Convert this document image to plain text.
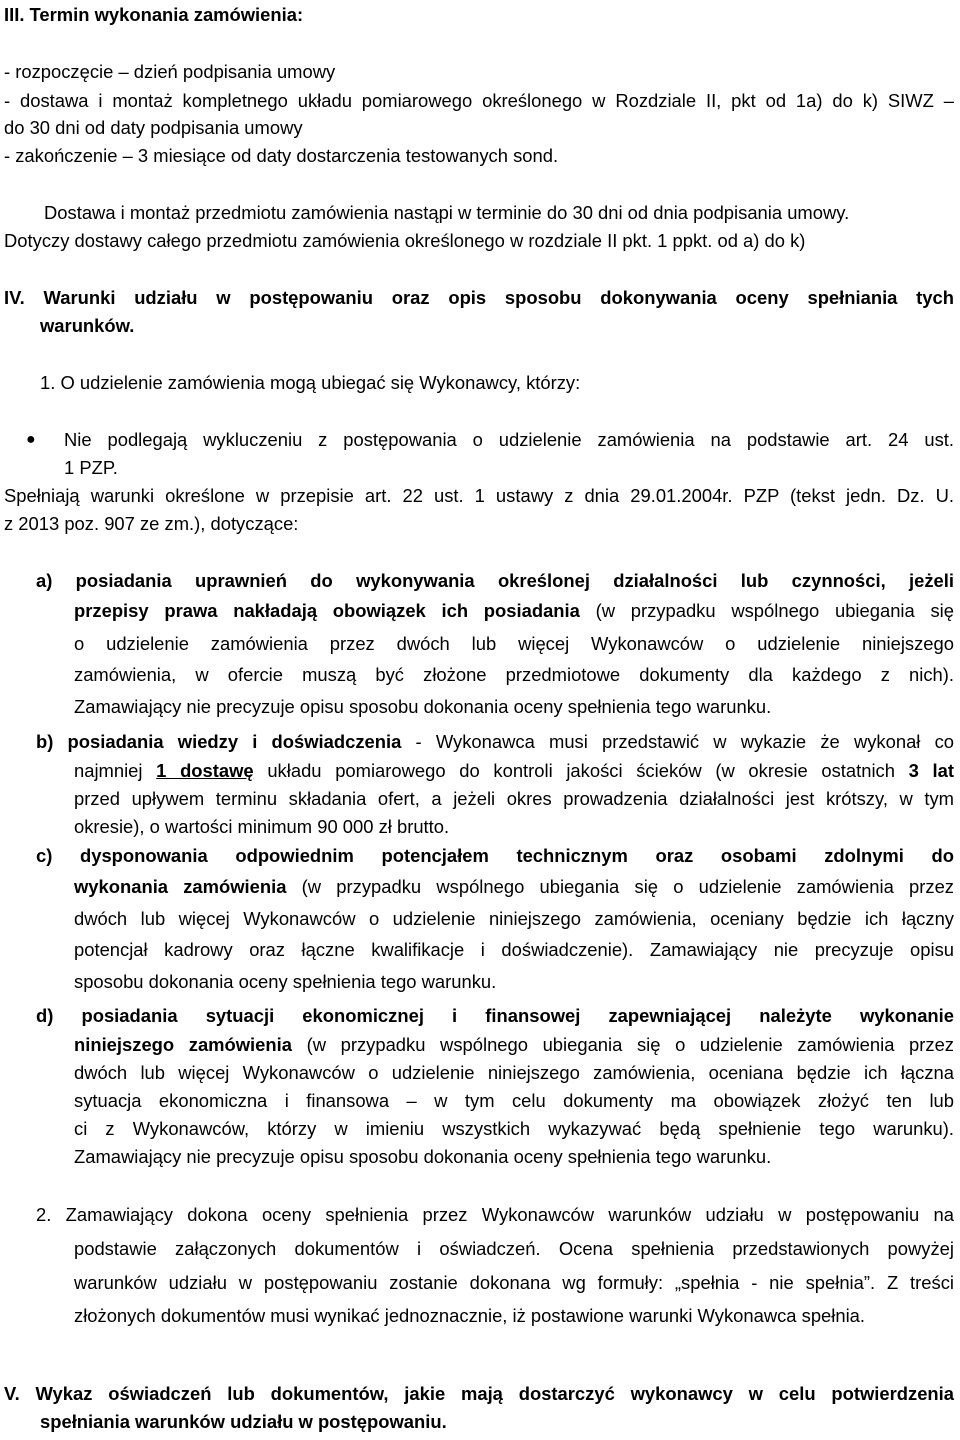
III. Termin wykonania zamówienia:
- rozpoczęcie – dzień podpisania umowy
- dostawa i montaż kompletnego układu pomiarowego określonego w Rozdziale II, pkt od 1a) do k) SIWZ –
do 30 dni od daty podpisania umowy
- zakończenie – 3 miesiące od daty dostarczenia testowanych sond.
Dostawa i montaż przedmiotu zamówienia nastąpi w terminie do 30 dni od dnia podpisania umowy.
Dotyczy dostawy całego przedmiotu zamówienia określonego w rozdziale II pkt. 1 ppkt. od a) do k)
IV. Warunki udziału w postępowaniu oraz opis sposobu dokonywania oceny spełniania tych
warunków.
1. O udzielenie zamówienia mogą ubiegać się Wykonawcy, którzy:
● Nie podlegają wykluczeniu z postępowania o udzielenie zamówienia na podstawie art. 24 ust.
1 PZP.
Spełniają warunki określone w przepisie art. 22 ust. 1 ustawy z dnia 29.01.2004r. PZP (tekst jedn. Dz. U.
z 2013 poz. 907 ze zm.), dotyczące:
a) posiadania uprawnień do wykonywania określonej działalności lub czynności, jeżeli
przepisy prawa nakładają obowiązek ich posiadania (w przypadku wspólnego ubiegania się
o udzielenie zamówienia przez dwóch lub więcej Wykonawców o udzielenie niniejszego
zamówienia, w ofercie muszą być złożone przedmiotowe dokumenty dla każdego z nich).
Zamawiający nie precyzuje opisu sposobu dokonania oceny spełnienia tego warunku.
b) posiadania wiedzy i doświadczenia - Wykonawca musi przedstawić w wykazie że wykonał co
najmniej 1 dostawę układu pomiarowego do kontroli jakości ścieków (w okresie ostatnich 3 lat
przed upływem terminu składania ofert, a jeżeli okres prowadzenia działalności jest krótszy, w tym
okresie), o wartości minimum 90 000 zł brutto.
c) dysponowania odpowiednim potencjałem technicznym oraz osobami zdolnymi do
wykonania zamówienia (w przypadku wspólnego ubiegania się o udzielenie zamówienia przez
dwóch lub więcej Wykonawców o udzielenie niniejszego zamówienia, oceniany będzie ich łączny
potencjał kadrowy oraz łączne kwalifikacje i doświadczenie). Zamawiający nie precyzuje opisu
sposobu dokonania oceny spełnienia tego warunku.
d) posiadania sytuacji ekonomicznej i finansowej zapewniającej należyte wykonanie
niniejszego zamówienia (w przypadku wspólnego ubiegania się o udzielenie zamówienia przez
dwóch lub więcej Wykonawców o udzielenie niniejszego zamówienia, oceniana będzie ich łączna
sytuacja ekonomiczna i finansowa – w tym celu dokumenty ma obowiązek złożyć ten lub
ci z Wykonawców, którzy w imieniu wszystkich wykazywać będą spełnienie tego warunku).
Zamawiający nie precyzuje opisu sposobu dokonania oceny spełnienia tego warunku.
2. Zamawiający dokona oceny spełnienia przez Wykonawców warunków udziału w postępowaniu na
podstawie załączonych dokumentów i oświadczeń. Ocena spełnienia przedstawionych powyżej
warunków udziału w postępowaniu zostanie dokonana wg formuły: „spełnia - nie spełnia”. Z treści
złożonych dokumentów musi wynikać jednoznacznie, iż postawione warunki Wykonawca spełnia.
V. Wykaz oświadczeń lub dokumentów, jakie mają dostarczyć wykonawcy w celu potwierdzenia
spełniania warunków udziału w postępowaniu.
